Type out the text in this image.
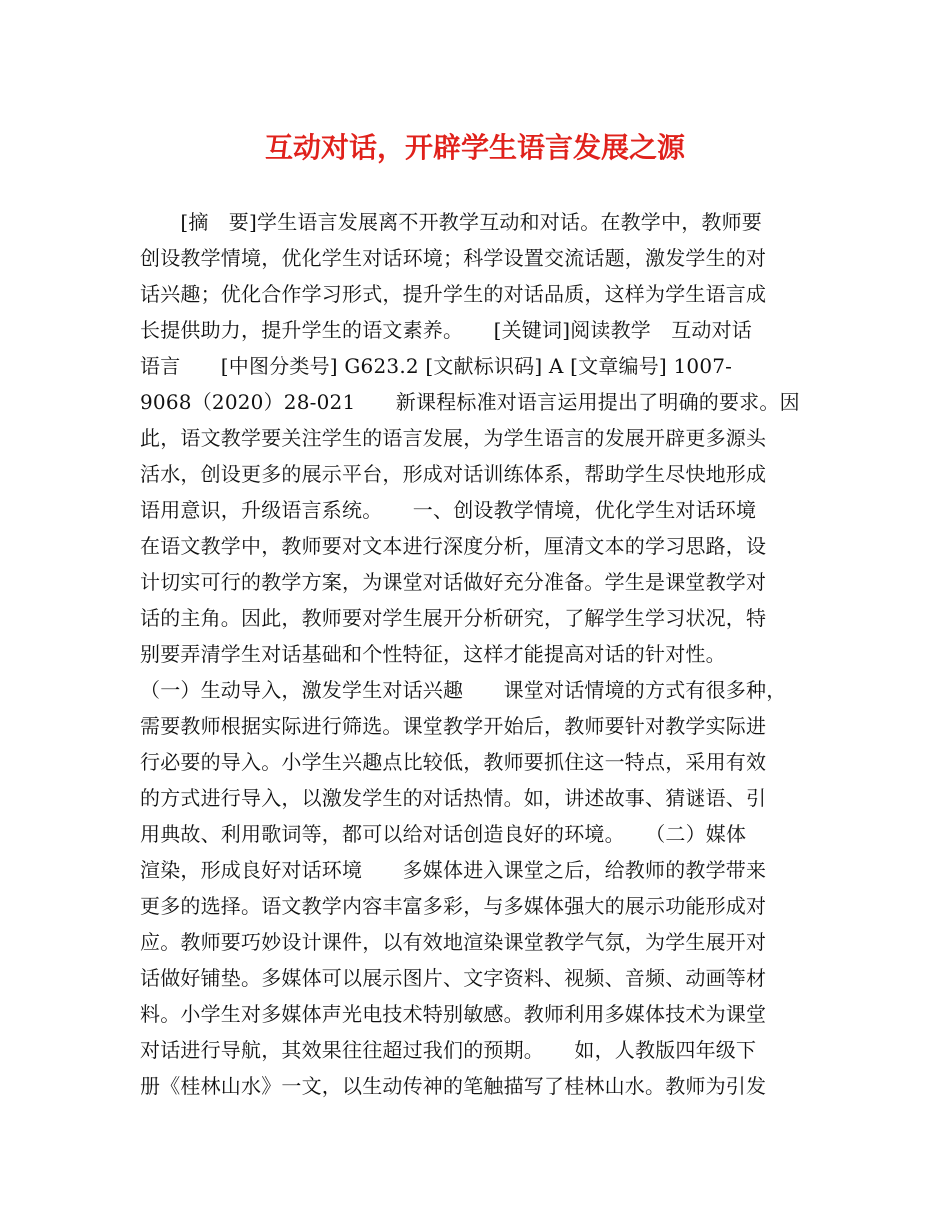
互动对话，开辟学生语言发展之源
　　[摘　要]学生语言发展离不开教学互动和对话。在教学中，教师要
创设教学情境，优化学生对话环境；科学设置交流话题，激发学生的对
话兴趣；优化合作学习形式，提升学生的对话品质，这样为学生语言成
长提供助力，提升学生的语文素养。　　[关键词]阅读教学　互动对话
语言　　[中图分类号] G623.2 [文献标识码] A [文章编号] 1007-
9068（2020）28-021　　新课程标准对语言运用提出了明确的要求。因
此，语文教学要关注学生的语言发展，为学生语言的发展开辟更多源头
活水，创设更多的展示平台，形成对话训练体系，帮助学生尽快地形成
语用意识，升级语言系统。　　一、创设教学情境，优化学生对话环境
在语文教学中，教师要对文本进行深度分析，厘清文本的学习思路，设
计切实可行的教学方案，为课堂对话做好充分准备。学生是课堂教学对
话的主角。因此，教师要对学生展开分析研究，了解学生学习状况，特
别要弄清学生对话基础和个性特征，这样才能提高对话的针对性。
（一）生动导入，激发学生对话兴趣　　课堂对话情境的方式有很多种，
需要教师根据实际进行筛选。课堂教学开始后，教师要针对教学实际进
行必要的导入。小学生兴趣点比较低，教师要抓住这一特点，采用有效
的方式进行导入，以激发学生的对话热情。如，讲述故事、猜谜语、引
用典故、利用歌词等，都可以给对话创造良好的环境。　　（二）媒体
渲染，形成良好对话环境　　多媒体进入课堂之后，给教师的教学带来
更多的选择。语文教学内容丰富多彩，与多媒体强大的展示功能形成对
应。教师要巧妙设计课件，以有效地渲染课堂教学气氛，为学生展开对
话做好铺垫。多媒体可以展示图片、文字资料、视频、音频、动画等材
料。小学生对多媒体声光电技术特别敏感。教师利用多媒体技术为课堂
对话进行导航，其效果往往超过我们的预期。　　如，人教版四年级下
册《桂林山水》一文，以生动传神的笔触描写了桂林山水。教师为引发
